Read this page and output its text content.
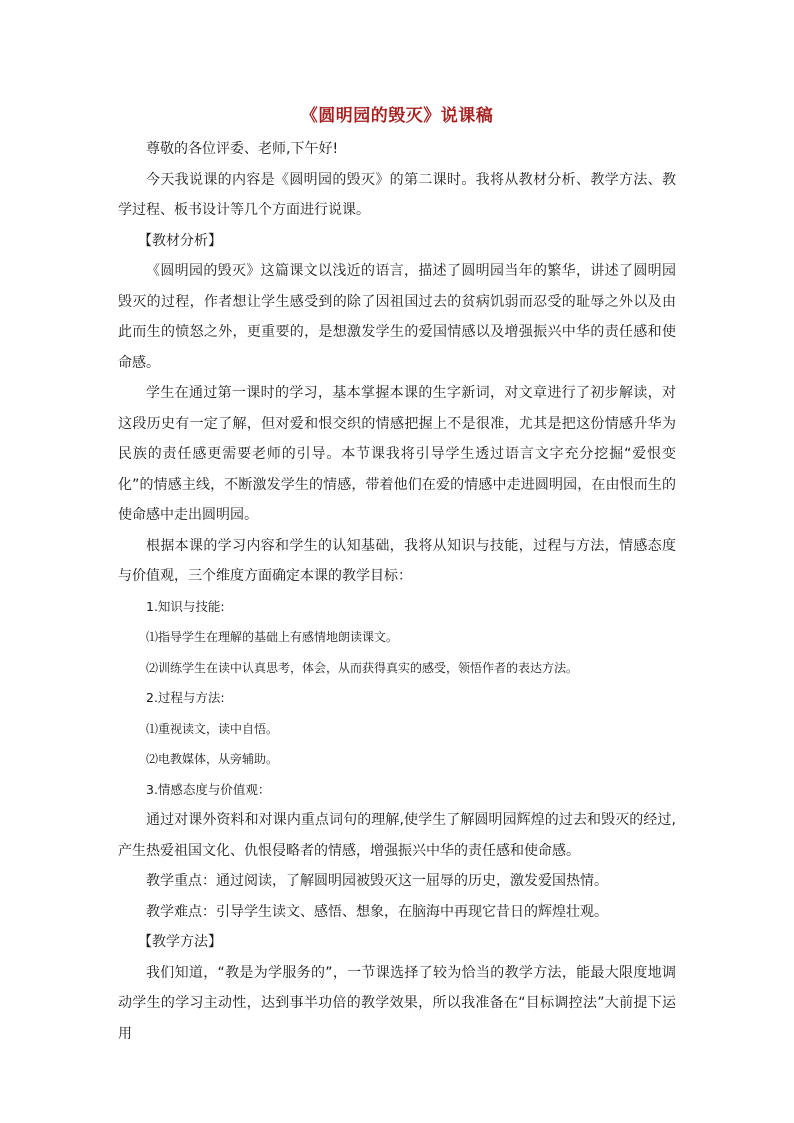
《圆明园的毁灭》说课稿

尊敬的各位评委、老师,下午好!

今天我说课的内容是《圆明园的毁灭》的第二课时。我将从教材分析、教学方法、教学过程、板书设计等几个方面进行说课。

【教材分析】

《圆明园的毁灭》这篇课文以浅近的语言，描述了圆明园当年的繁华，讲述了圆明园毁灭的过程，作者想让学生感受到的除了因祖国过去的贫病饥弱而忍受的耻辱之外以及由此而生的愤怒之外，更重要的，是想激发学生的爱国情感以及增强振兴中华的责任感和使命感。

学生在通过第一课时的学习，基本掌握本课的生字新词，对文章进行了初步解读，对这段历史有一定了解，但对爱和恨交织的情感把握上不是很准，尤其是把这份情感升华为民族的责任感更需要老师的引导。本节课我将引导学生透过语言文字充分挖掘“爱恨变化”的情感主线，不断激发学生的情感，带着他们在爱的情感中走进圆明园，在由恨而生的使命感中走出圆明园。

根据本课的学习内容和学生的认知基础，我将从知识与技能，过程与方法，情感态度与价值观，三个维度方面确定本课的教学目标：

1.知识与技能:

⑴指导学生在理解的基础上有感情地朗读课文。

⑵训练学生在读中认真思考，体会，从而获得真实的感受，领悟作者的表达方法。

2.过程与方法:

⑴重视读文，读中自悟。

⑵电教媒体，从旁辅助。

3.情感态度与价值观：

通过对课外资料和对课内重点词句的理解,使学生了解圆明园辉煌的过去和毁灭的经过,产生热爱祖国文化、仇恨侵略者的情感，增强振兴中华的责任感和使命感。

教学重点：通过阅读，了解圆明园被毁灭这一屈辱的历史，激发爱国热情。

教学难点：引导学生读文、感悟、想象，在脑海中再现它昔日的辉煌壮观。

【教学方法】

我们知道，“教是为学服务的”，一节课选择了较为恰当的教学方法，能最大限度地调动学生的学习主动性，达到事半功倍的教学效果，所以我准备在“目标调控法”大前提下运用
